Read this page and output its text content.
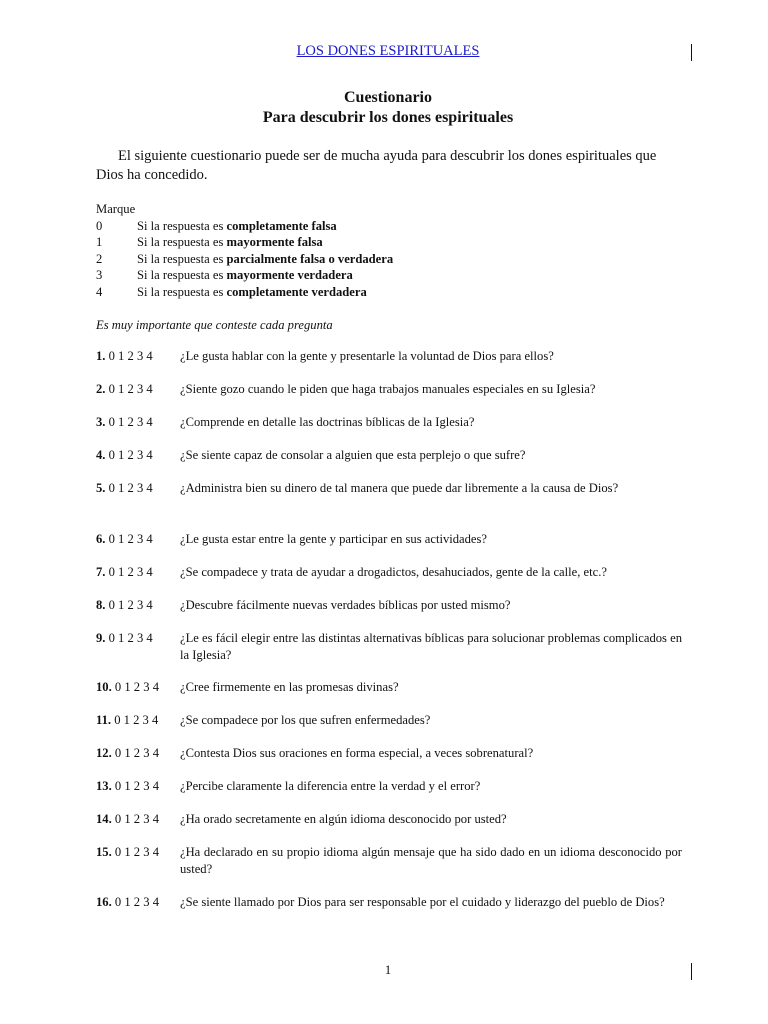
LOS DONES ESPIRITUALES
Cuestionario
Para descubrir los dones espirituales
El siguiente cuestionario puede ser de mucha ayuda para descubrir los dones espirituales que Dios ha concedido.
Marque
0	Si la respuesta es completamente falsa
1	Si la respuesta es mayormente falsa
2	Si la respuesta es parcialmente falsa o verdadera
3	Si la respuesta es mayormente verdadera
4	Si la respuesta es completamente verdadera
Es muy importante que conteste cada pregunta
1. 0 1 2 3 4 ¿Le gusta hablar con la gente y presentarle la voluntad de Dios para ellos?
2. 0 1 2 3 4 ¿Siente gozo cuando le piden que haga trabajos manuales especiales en su Iglesia?
3. 0 1 2 3 4 ¿Comprende en detalle las doctrinas bíblicas de la Iglesia?
4. 0 1 2 3 4 ¿Se siente capaz de consolar a alguien que esta perplejo o que sufre?
5. 0 1 2 3 4 ¿Administra bien su dinero de tal manera que puede dar libremente a la causa de Dios?
6. 0 1 2 3 4 ¿Le gusta estar entre la gente y participar en sus actividades?
7. 0 1 2 3 4 ¿Se compadece y trata de ayudar a drogadictos, desahuciados, gente de la calle, etc.?
8. 0 1 2 3 4 ¿Descubre fácilmente nuevas verdades bíblicas por usted mismo?
9. 0 1 2 3 4 ¿Le es fácil elegir entre las distintas alternativas bíblicas para solucionar problemas complicados en la Iglesia?
10. 0 1 2 3 4 ¿Cree firmemente en las promesas divinas?
11. 0 1 2 3 4 ¿Se compadece por los que sufren enfermedades?
12. 0 1 2 3 4 ¿Contesta Dios sus oraciones en forma especial, a veces sobrenatural?
13. 0 1 2 3 4 ¿Percibe claramente la diferencia entre la verdad y el error?
14. 0 1 2 3 4 ¿Ha orado secretamente en algún idioma desconocido por usted?
15. 0 1 2 3 4 ¿Ha declarado en su propio idioma algún mensaje que ha sido dado en un idioma desconocido por usted?
16. 0 1 2 3 4 ¿Se siente llamado por Dios para ser responsable por el cuidado y liderazgo del pueblo de Dios?
1
